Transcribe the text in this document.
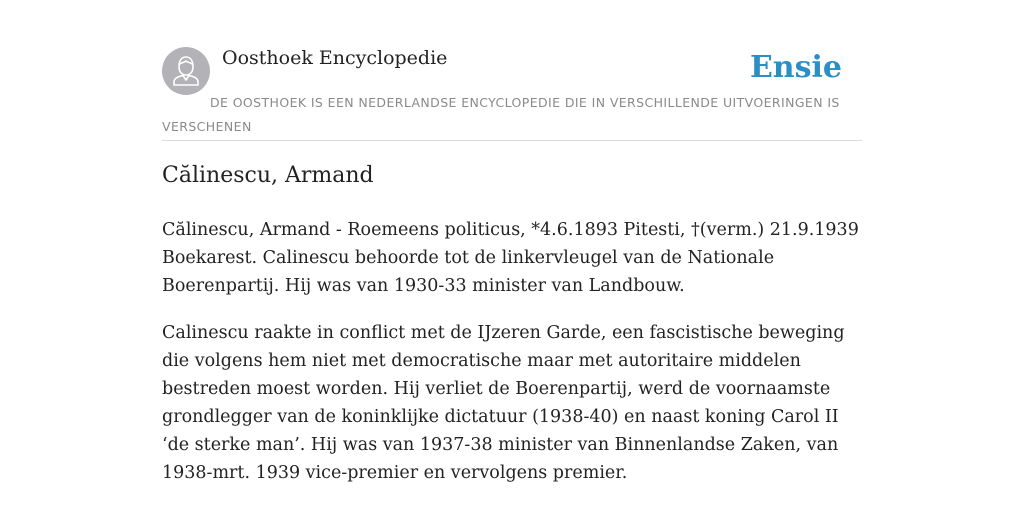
Oosthoek Encyclopedie	Ensie
DE OOSTHOEK IS EEN NEDERLANDSE ENCYCLOPEDIE DIE IN VERSCHILLENDE UITVOERINGEN IS VERSCHENEN
Călinescu, Armand

Călinescu, Armand - Roemeens politicus, *4.6.1893 Pitesti, †(verm.) 21.9.1939 Boekarest. Calinescu behoorde tot de linkervleugel van de Nationale Boerenpartij. Hij was van 1930-33 minister van Landbouw.

Calinescu raakte in conflict met de IJzeren Garde, een fascistische beweging die volgens hem niet met democratische maar met autoritaire middelen bestreden moest worden. Hij verliet de Boerenpartij, werd de voornaamste grondlegger van de koninklijke dictatuur (1938-40) en naast koning Carol II ‘de sterke man’. Hij was van 1937-38 minister van Binnenlandse Zaken, van 1938-mrt. 1939 vice-premier en vervolgens premier.
